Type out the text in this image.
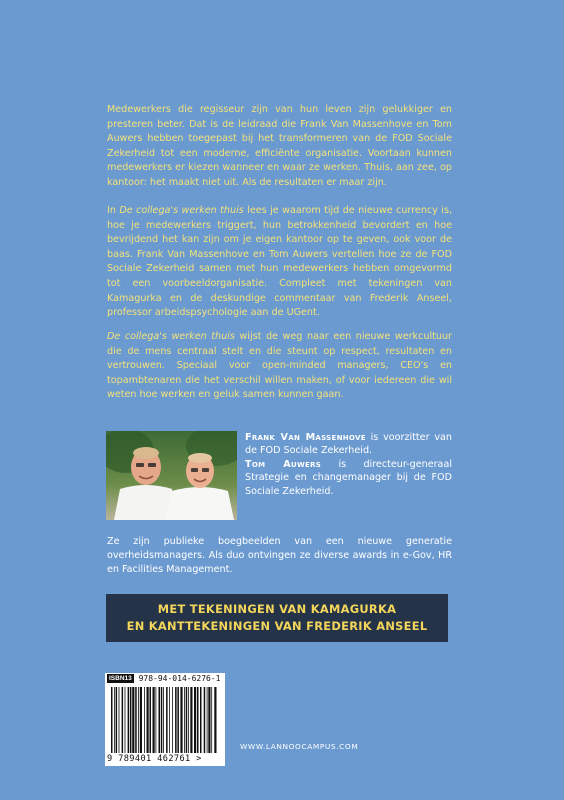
Medewerkers die regisseur zijn van hun leven zijn gelukkiger en presteren beter. Dat is de leidraad die Frank Van Massenhove en Tom Auwers hebben toegepast bij het transformeren van de FOD Sociale Zekerheid tot een moderne, efficiënte organisatie. Voortaan kunnen medewerkers er kiezen wanneer en waar ze werken. Thuis, aan zee, op kantoor: het maakt niet uit. Als de resultaten er maar zijn.
In De collega's werken thuis lees je waarom tijd de nieuwe currency is, hoe je medewerkers triggert, hun betrokkenheid bevordert en hoe bevrijdend het kan zijn om je eigen kantoor op te geven, ook voor de baas. Frank Van Massenhove en Tom Auwers vertellen hoe ze de FOD Sociale Zekerheid samen met hun medewerkers hebben omgevormd tot een voorbeeldorganisatie. Compleet met tekeningen van Kamagurka en de deskundige commentaar van Frederik Anseel, professor arbeidspsychologie aan de UGent.
De collega's werken thuis wijst de weg naar een nieuwe werkcultuur die de mens centraal stelt en die steunt op respect, resultaten en vertrouwen. Speciaal voor open-minded managers, CEO's en topambtenaren die het verschil willen maken, of voor iedereen die wil weten hoe werken en geluk samen kunnen gaan.

Frank Van Massenhove is voorzitter van de FOD Sociale Zekerheid.

Tom Auwers is directeur-generaal Strategie en changemanager bij de FOD Sociale Zekerheid.

Ze zijn publieke boegbeelden van een nieuwe generatie overheidsmanagers. Als duo ontvingen ze diverse awards in e-Gov, HR en Facilities Management.
MET TEKENINGEN VAN KAMAGURKA
EN KANTTEKENINGEN VAN FREDERIK ANSEEL
ISBN13 978-94-014-6276-1
9 789401 462761 >
WWW.LANNOOCAMPUS.COM
